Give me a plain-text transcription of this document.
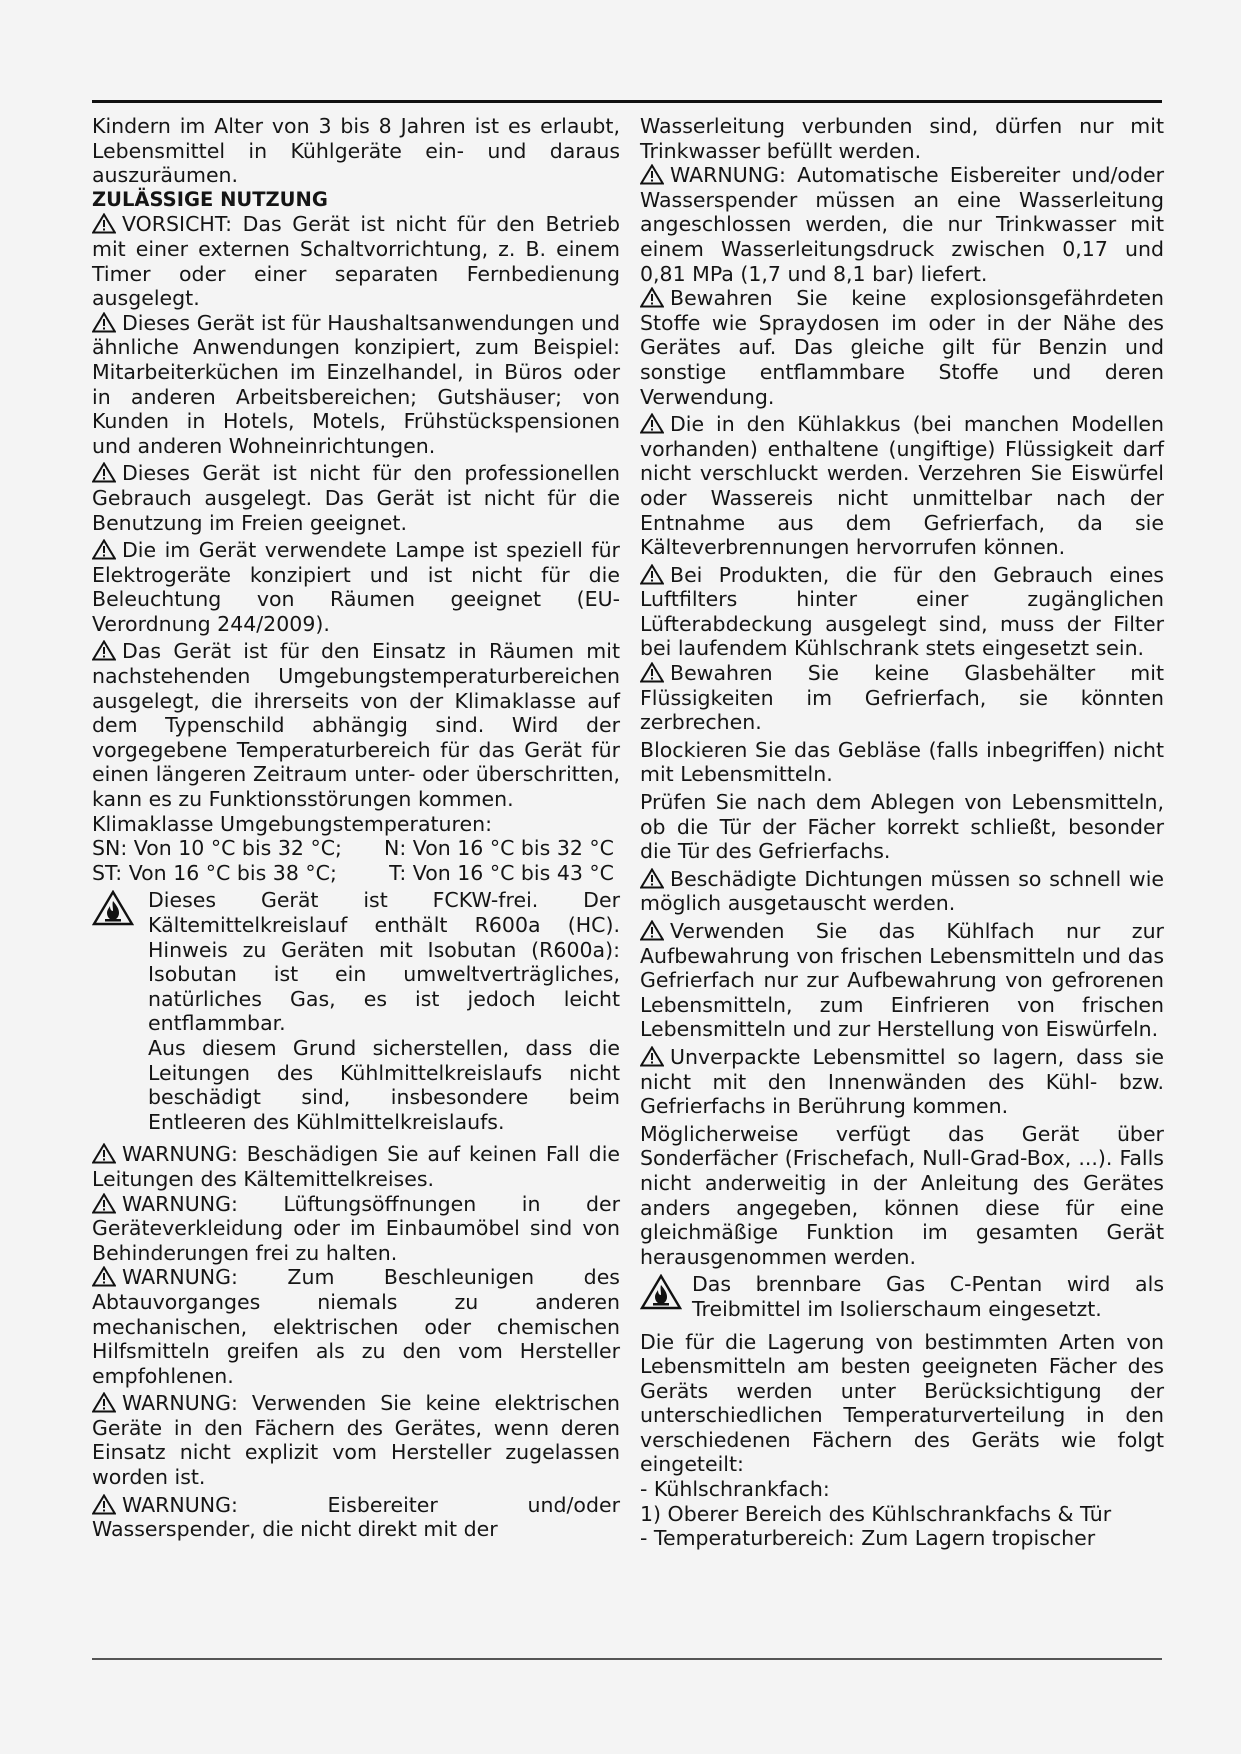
Kindern im Alter von 3 bis 8 Jahren ist es erlaubt, Lebensmittel in Kühlgeräte ein- und daraus auszuräumen.

ZULÄSSIGE NUTZUNG

VORSICHT: Das Gerät ist nicht für den Betrieb mit einer externen Schaltvorrichtung, z. B. einem Timer oder einer separaten Fernbedienung ausgelegt.

Dieses Gerät ist für Haushaltsanwendungen und ähnliche Anwendungen konzipiert, zum Beispiel: Mitarbeiterküchen im Einzelhandel, in Büros oder in anderen Arbeitsbereichen; Gutshäuser; von Kunden in Hotels, Motels, Frühstückspensionen und anderen Wohneinrichtungen.

Dieses Gerät ist nicht für den professionellen Gebrauch ausgelegt. Das Gerät ist nicht für die Benutzung im Freien geeignet.

Die im Gerät verwendete Lampe ist speziell für Elektrogeräte konzipiert und ist nicht für die Beleuchtung von Räumen geeignet (EU-Verordnung 244/2009).

Das Gerät ist für den Einsatz in Räumen mit nachstehenden Umgebungstemperaturbereichen ausgelegt, die ihrerseits von der Klimaklasse auf dem Typenschild abhängig sind. Wird der vorgegebene Temperaturbereich für das Gerät für einen längeren Zeitraum unter- oder überschritten, kann es zu Funktionsstörungen kommen.

Klimaklasse Umgebungstemperaturen:

SN: Von 10 °C bis 32 °C; N: Von 16 °C bis 32 °C
ST: Von 16 °C bis 38 °C;	T: Von 16 °C bis 43 °C

Dieses Gerät ist FCKW-frei. Der Kältemittelkreislauf enthält R600a (HC). Hinweis zu Geräten mit Isobutan (R600a): Isobutan ist ein umweltverträgliches, natürliches Gas, es ist jedoch leicht entflammbar.

Aus diesem Grund sicherstellen, dass die Leitungen des Kühlmittelkreislaufs nicht beschädigt sind, insbesondere beim Entleeren des Kühlmittelkreislaufs.

WARNUNG: Beschädigen Sie auf keinen Fall die Leitungen des Kältemittelkreises.

WARNUNG: Lüftungsöffnungen in der Geräteverkleidung oder im Einbaumöbel sind von Behinderungen frei zu halten.

WARNUNG: Zum Beschleunigen des Abtauvorganges niemals zu anderen mechanischen, elektrischen oder chemischen Hilfsmitteln greifen als zu den vom Hersteller empfohlenen.

WARNUNG: Verwenden Sie keine elektrischen Geräte in den Fächern des Gerätes, wenn deren Einsatz nicht explizit vom Hersteller zugelassen worden ist.

WARNUNG: Eisbereiter und/oder Wasserspender, die nicht direkt mit der

Wasserleitung verbunden sind, dürfen nur mit Trinkwasser befüllt werden.

WARNUNG: Automatische Eisbereiter und/oder Wasserspender müssen an eine Wasserleitung angeschlossen werden, die nur Trinkwasser mit einem Wasserleitungsdruck zwischen 0,17 und 0,81 MPa (1,7 und 8,1 bar) liefert.

Bewahren Sie keine explosionsgefährdeten Stoffe wie Spraydosen im oder in der Nähe des Gerätes auf. Das gleiche gilt für Benzin und sonstige entflammbare Stoffe und deren Verwendung.

Die in den Kühlakkus (bei manchen Modellen vorhanden) enthaltene (ungiftige) Flüssigkeit darf nicht verschluckt werden. Verzehren Sie Eiswürfel oder Wassereis nicht unmittelbar nach der Entnahme aus dem Gefrierfach, da sie Kälteverbrennungen hervorrufen können.

Bei Produkten, die für den Gebrauch eines Luftfilters hinter einer zugänglichen Lüfterabdeckung ausgelegt sind, muss der Filter bei laufendem Kühlschrank stets eingesetzt sein.

Bewahren Sie keine Glasbehälter mit Flüssigkeiten im Gefrierfach, sie könnten zerbrechen.

Blockieren Sie das Gebläse (falls inbegriffen) nicht mit Lebensmitteln.

Prüfen Sie nach dem Ablegen von Lebensmitteln, ob die Tür der Fächer korrekt schließt, besonder die Tür des Gefrierfachs.

Beschädigte Dichtungen müssen so schnell wie möglich ausgetauscht werden.

Verwenden Sie das Kühlfach nur zur Aufbewahrung von frischen Lebensmitteln und das Gefrierfach nur zur Aufbewahrung von gefrorenen Lebensmitteln, zum Einfrieren von frischen Lebensmitteln und zur Herstellung von Eiswürfeln.

Unverpackte Lebensmittel so lagern, dass sie nicht mit den Innenwänden des Kühl- bzw. Gefrierfachs in Berührung kommen.

Möglicherweise verfügt das Gerät über Sonderfächer (Frischefach, Null-Grad-Box, ...). Falls nicht anderweitig in der Anleitung des Gerätes anders angegeben, können diese für eine gleichmäßige Funktion im gesamten Gerät herausgenommen werden.

Das brennbare Gas C-Pentan wird als Treibmittel im Isolierschaum eingesetzt.

Die für die Lagerung von bestimmten Arten von Lebensmitteln am besten geeigneten Fächer des Geräts werden unter Berücksichtigung der unterschiedlichen Temperaturverteilung in den verschiedenen Fächern des Geräts wie folgt eingeteilt:

- Kühlschrankfach:

1) Oberer Bereich des Kühlschrankfachs & Tür

- Temperaturbereich: Zum Lagern tropischer
